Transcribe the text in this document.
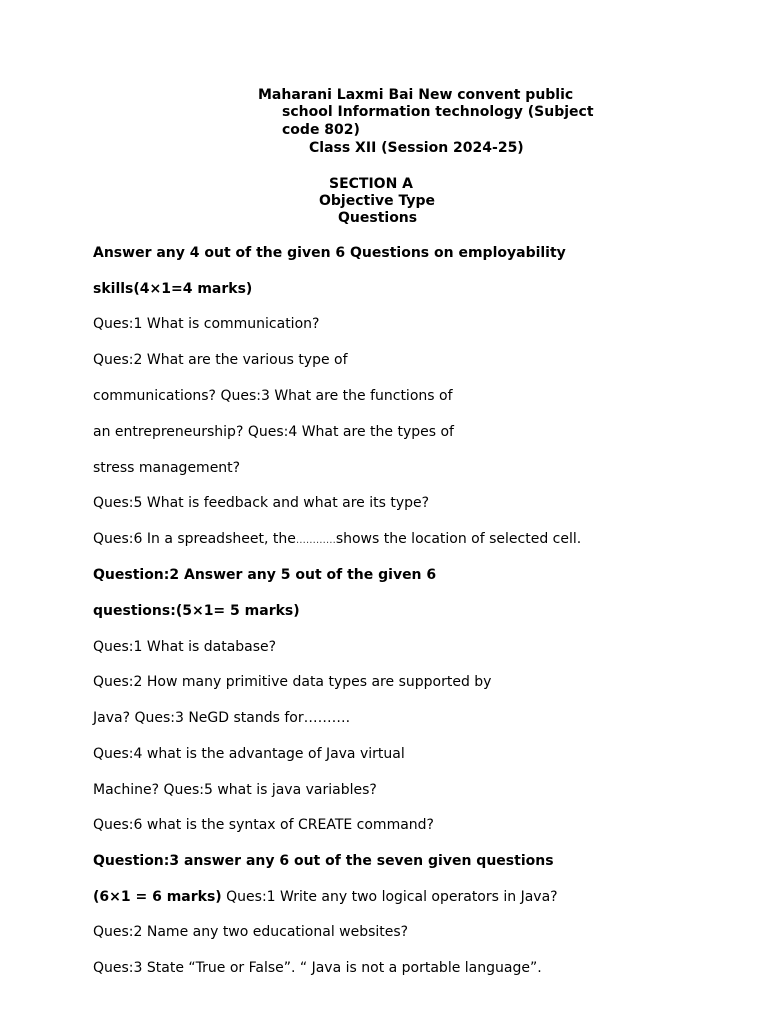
Maharani Laxmi Bai New convent public
school Information technology (Subject
code 802)
Class XII (Session 2024-25)
SECTION A
Objective Type
Questions
Answer any 4 out of the given 6 Questions on employability
skills(4×1=4 marks)
Ques:1 What is communication?
Ques:2 What are the various type of
communications? Ques:3 What are the functions of
an entrepreneurship? Ques:4 What are the types of
stress management?
Ques:5 What is feedback and what are its type?
Ques:6 In a spreadsheet, the…………shows the location of selected cell.
Question:2 Answer any 5 out of the given 6
questions:(5×1= 5 marks)
Ques:1 What is database?
Ques:2 How many primitive data types are supported by
Java? Ques:3 NeGD stands for……….
Ques:4 what is the advantage of Java virtual
Machine? Ques:5 what is java variables?
Ques:6 what is the syntax of CREATE command?
Question:3 answer any 6 out of the seven given questions
(6×1 = 6 marks) Ques:1 Write any two logical operators in Java?
Ques:2 Name any two educational websites?
Ques:3 State “True or False”. “ Java is not a portable language”.
